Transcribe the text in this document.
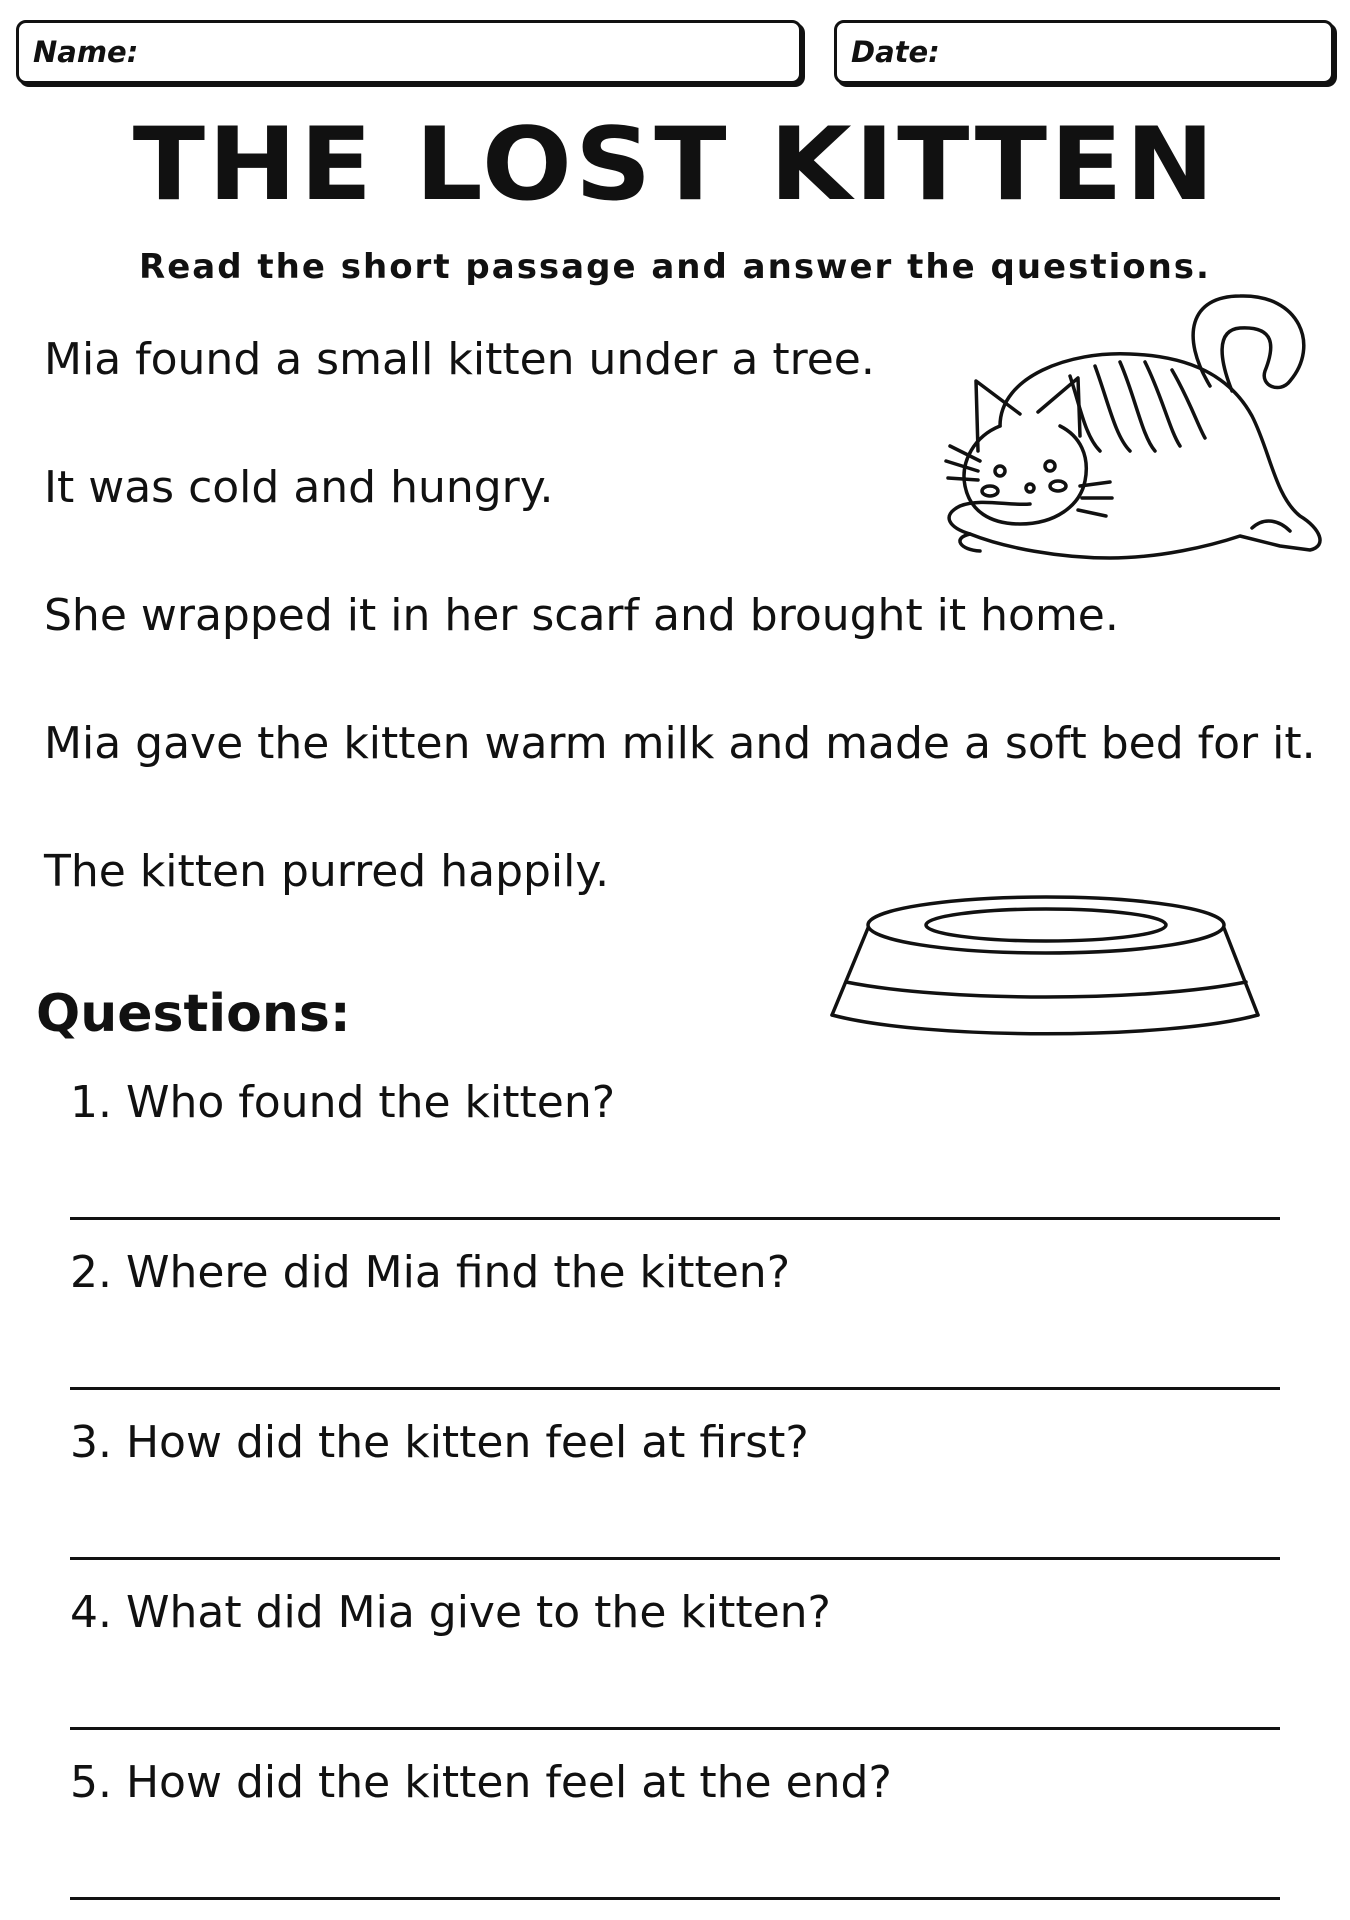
Name:	Date:
THE LOST KITTEN
Read the short passage and answer the questions.
Mia found a small kitten under a tree.
It was cold and hungry.
She wrapped it in her scarf and brought it home.
Mia gave the kitten warm milk and made a soft bed for it.
The kitten purred happily.
Questions:
1. Who found the kitten?
2. Where did Mia find the kitten?
3. How did the kitten feel at first?
4. What did Mia give to the kitten?
5. How did the kitten feel at the end?
